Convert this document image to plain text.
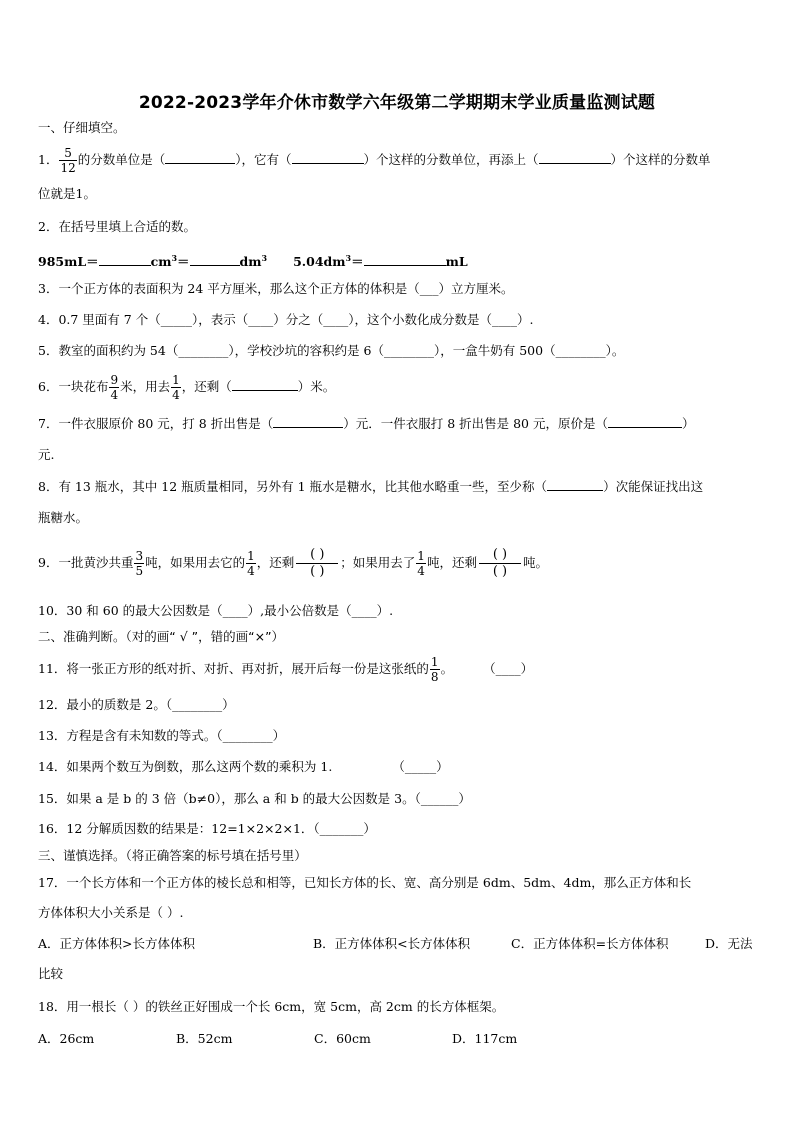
2022-2023学年介休市数学六年级第二学期期末学业质量监测试题
一、仔细填空。
1． $\frac{5}{12}$ 的分数单位是（	），它有（	）个这样的分数单位，再添上（	）个这样的分数单
位就是1。
2．在括号里填上合适的数。
985mL＝	$cm^3=$	$dm^3$ $5.04dm^3=$	mL
3．一个正方体的表面积为 24 平方厘米，那么这个正方体的体积是（___）立方厘米。
4．0.7 里面有 7 个（_____），表示（____）分之（____），这个小数化成分数是（____）.
5．教室的面积约为 54（________），学校沙坑的容积约是 6（________），一盒牛奶有 500（________）。
6．一块花布 $\frac{9}{4}$ 米，用去 $\frac{1}{4}$ ，还剩（	）米。
7．一件衣服原价 80 元，打 8 折出售是（	）元．一件衣服打 8 折出售是 80 元，原价是（	）
元.
8．有 13 瓶水，其中 12 瓶质量相同，另外有 1 瓶水是糖水，比其他水略重一些，至少称（	）次能保证找出这
瓶糖水。
9．一批黄沙共重 $\frac{3}{5}$ 吨，如果用去它的 $\frac{1}{4}$ ，还剩
( )
( )
；如果用去了 $\frac{1}{4}$ 吨，还剩
( )
( )
吨。
10．30 和 60 的最大公因数是（____）,最小公倍数是（____）.
二、准确判断。（对的画“ √ ”，错的画“×”）
11．将一张正方形的纸对折、对折、再对折，展开后每一份是这张纸的 $\frac{1}{8}$ 。 （____）
12．最小的质数是 2。（________）
13．方程是含有未知数的等式。（________）
14．如果两个数互为倒数，那么这两个数的乘积为 1.	（_____）
15．如果 a 是 b 的 3 倍（b≠0），那么 a 和 b 的最大公因数是 3。（______）
16．12 分解质因数的结果是：12=1×2×2×1．（_______）
三、谨慎选择。（将正确答案的标号填在括号里）
17．一个长方体和一个正方体的棱长总和相等，已知长方体的长、宽、高分别是 6dm、5dm、4dm，那么正方体和长
方体体积大小关系是（ ）.
A．正方体体积>长方体体积	B．正方体体积<长方体体积	C．正方体体积=长方体体积	D．无法
比较
18．用一根长（ ）的铁丝正好围成一个长 6cm，宽 5cm，高 2cm 的长方体框架。
A．26cm	B．52cm	C．60cm	D．117cm
